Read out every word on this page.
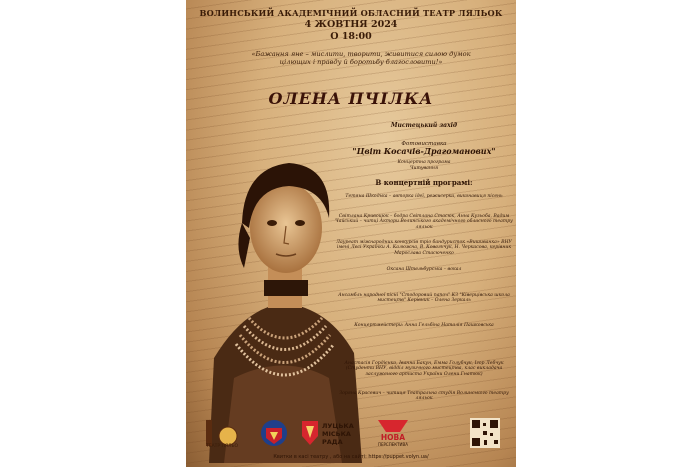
ВОЛИНСЬКИЙ АКАДЕМІЧНИЙ ОБЛАСНИЙ ТЕАТР ЛЯЛЬОК
4 ЖОВТНЯ 2024
О 18:00
«Бажання яне – мислити, творити, живитися силою думок цілющих і правду й боротьбу благословити!»
ОЛЕНА ПЧІЛКА
Мистецький захід
Фотовиставка
"Цвіт Косачів-Драгоманових"
Концертна програма
Читування
В концертній програмі:
Тетяна Шкодька – авторка ідеї, режисерка, виконавиця пісень
Світлана Кривоцюк – бодра Світлана Стасюк, Анна Кузьоба, Вадим Чайський – читці Актори Волинського академічного обласного театру ляльок
Лауреат міжнародних конкурсів тріо бандуристок «Вишиванка» ВНУ імені Лесі Українки А. Калюжна, В. Ковальчук, Н. Черкасова, керівник Марослава Стасюченко
Оксана Штельбурська – вокал
Ансамбль народної пісні "Стодоровий папоч" КЗ "Ківерцівська школа мистецтв" Керівник – Олена Зеркаль
Концертмейстери: Анна Гельбіна Наталія Пашковська
Анастасія Гордієнко, Іванна Бакун, Емма Голубчук, Ігор Лебчук (Студенти ВНУ, відділ музичного мистецтва, клас викладача заслуженого артиста України Олени Гнатюк)
Зоряна Красевич – читиця Театральна студія Волинського театру ляльок
ТЕАТР ЛЯЛЬОК
ЛУЦЬКА
МІСЬКА
РАДА	НОВА
ПЕРСПЕКТИВА
Квитки в касі театру , або на сайті: https://puppet.volyn.ua/
